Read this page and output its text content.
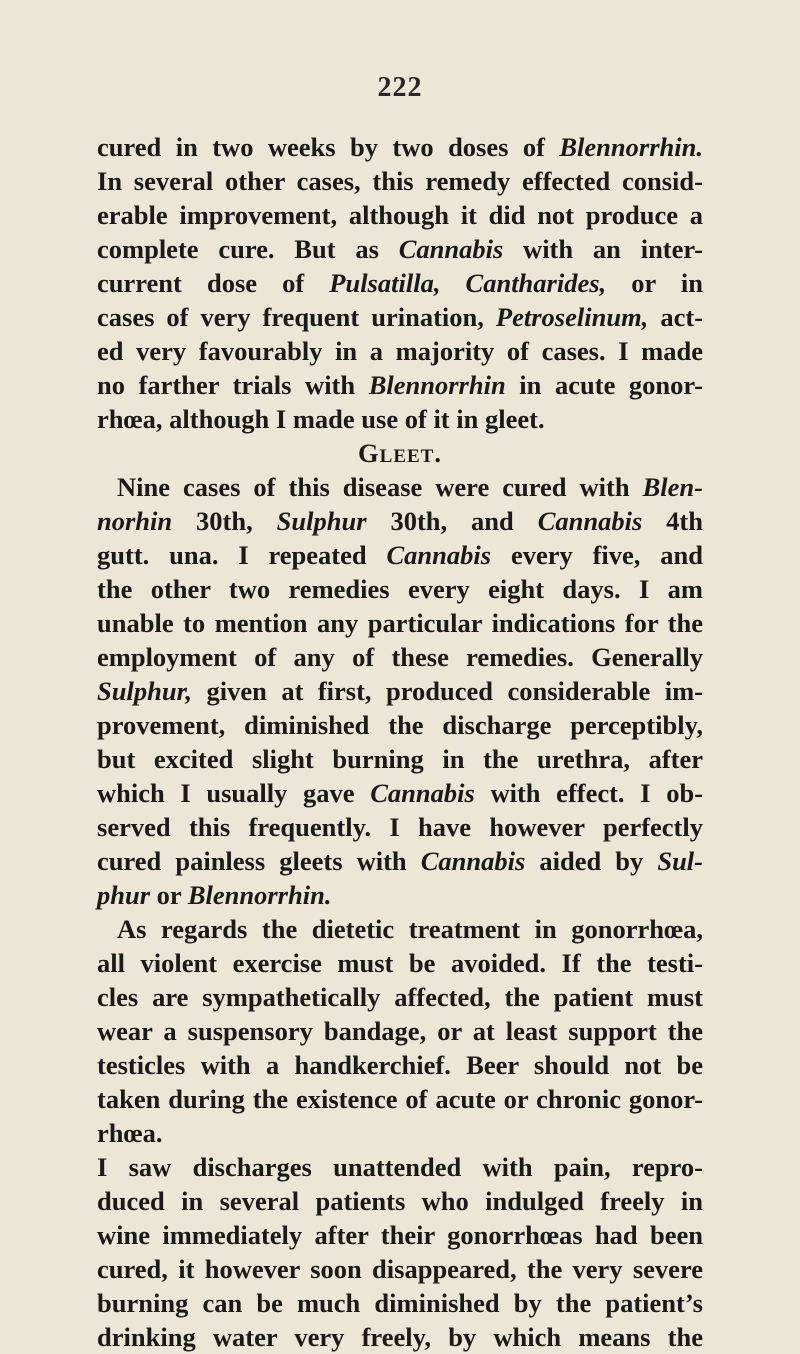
222
cured in two weeks by two doses of Blennorrhin.
In several other cases, this remedy effected consid-
erable improvement, although it did not produce a
complete cure. But as Cannabis with an inter-
current dose of Pulsatilla, Cantharides, or in
cases of very frequent urination, Petroselinum, act-
ed very favourably in a majority of cases. I made
no farther trials with Blennorrhin in acute gonor-
rhœa, although I made use of it in gleet.
Gleet.
Nine cases of this disease were cured with Blen-
norhin 30th, Sulphur 30th, and Cannabis 4th
gutt. una. I repeated Cannabis every five, and
the other two remedies every eight days. I am
unable to mention any particular indications for the
employment of any of these remedies. Generally
Sulphur, given at first, produced considerable im-
provement, diminished the discharge perceptibly,
but excited slight burning in the urethra, after
which I usually gave Cannabis with effect. I ob-
served this frequently. I have however perfectly
cured painless gleets with Cannabis aided by Sul-
phur or Blennorrhin.
As regards the dietetic treatment in gonorrhœa,
all violent exercise must be avoided. If the testi-
cles are sympathetically affected, the patient must
wear a suspensory bandage, or at least support the
testicles with a handkerchief. Beer should not be
taken during the existence of acute or chronic gonor-
rhœa.
I saw discharges unattended with pain, repro-
duced in several patients who indulged freely in
wine immediately after their gonorrhœas had been
cured, it however soon disappeared, the very severe
burning can be much diminished by the patient’s
drinking water very freely, by which means the
